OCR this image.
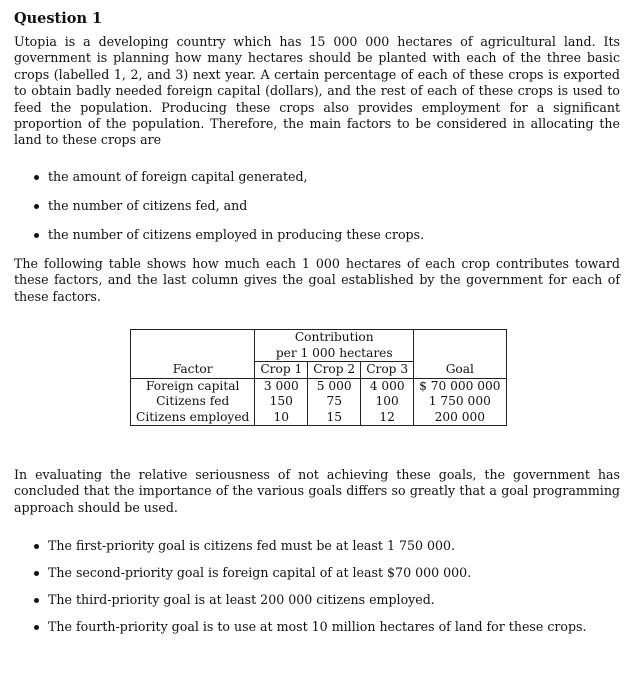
Question 1

Utopia is a developing country which has 15 000 000 hectares of agricultural land. Its government is planning how many hectares should be planted with each of the three basic crops (labelled 1, 2, and 3) next year. A certain percentage of each of these crops is exported to obtain badly needed foreign capital (dollars), and the rest of each of these crops is used to feed the population. Producing these crops also provides employment for a significant proportion of the population. Therefore, the main factors to be considered in allocating the land to these crops are

the amount of foreign capital generated,
the number of citizens fed, and
the number of citizens employed in producing these crops.

The following table shows how much each 1 000 hectares of each crop contributes toward these factors, and the last column gives the goal established by the government for each of these factors.

	Contribution			
	per 1 000 hectares			
Factor	Crop 1	Crop 2	Crop 3	Goal
Foreign capital	3 000	5 000	4 000	$ 70 000 000
Citizens fed	150	75	100	1 750 000
Citizens employed	10	15	12	200 000

In evaluating the relative seriousness of not achieving these goals, the government has concluded that the importance of the various goals differs so greatly that a goal programming approach should be used.

The first-priority goal is citizens fed must be at least 1 750 000.
The second-priority goal is foreign capital of at least $70 000 000.
The third-priority goal is at least 200 000 citizens employed.
The fourth-priority goal is to use at most 10 million hectares of land for these crops.
